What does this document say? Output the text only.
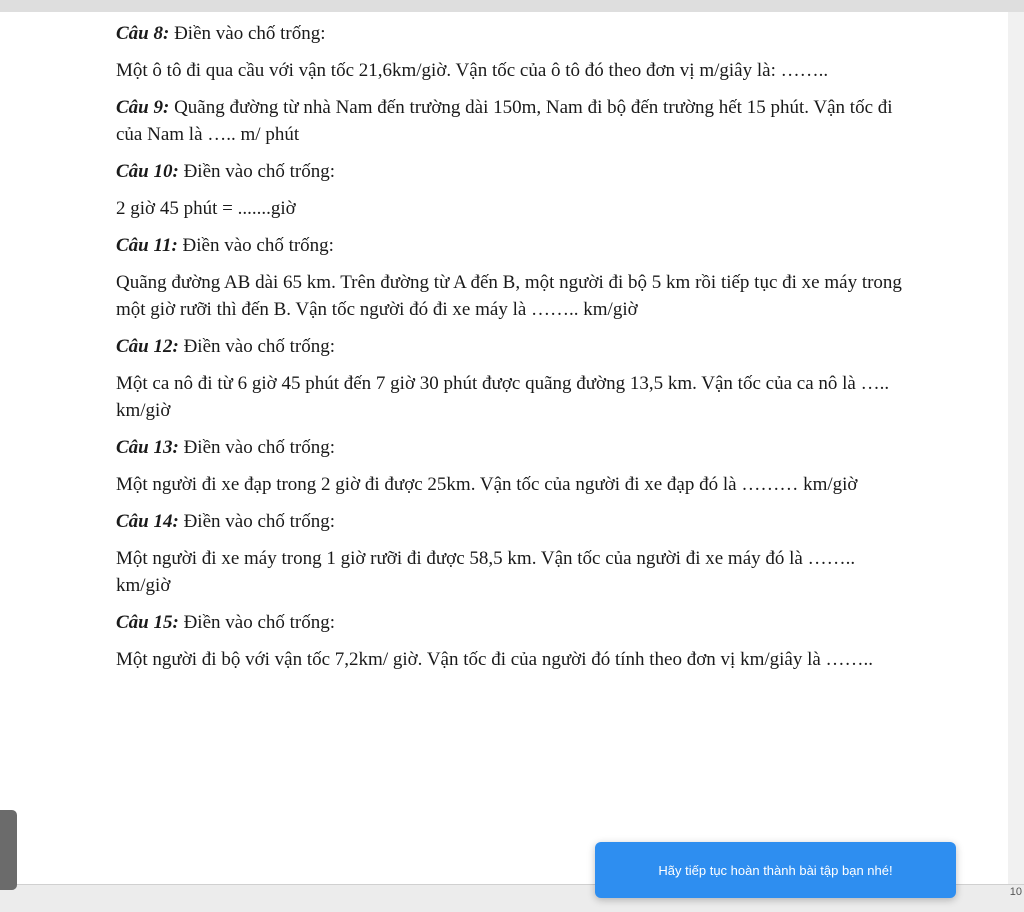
Câu 8: Điền vào chố trống:

Một ô tô đi qua cầu với vận tốc 21,6km/giờ. Vận tốc của ô tô đó theo đơn vị m/giây là: ……..

Câu 9: Quãng đường từ nhà Nam đến trường dài 150m, Nam đi bộ đến trường hết 15 phút. Vận tốc đi của Nam là ….. m/ phút

Câu 10: Điền vào chố trống:

2 giờ 45 phút = .......giờ

Câu 11: Điền vào chố trống:

Quãng đường AB dài 65 km. Trên đường từ A đến B, một người đi bộ 5 km rồi tiếp tục đi xe máy trong một giờ rưỡi thì đến B. Vận tốc người đó đi xe máy là …….. km/giờ

Câu 12: Điền vào chố trống:

Một ca nô đi từ 6 giờ 45 phút đến 7 giờ 30 phút được quãng đường 13,5 km. Vận tốc của ca nô là ….. km/giờ

Câu 13: Điền vào chố trống:

Một người đi xe đạp trong 2 giờ đi được 25km. Vận tốc của người đi xe đạp đó là ……… km/giờ

Câu 14: Điền vào chố trống:

Một người đi xe máy trong 1 giờ rưỡi đi được 58,5 km. Vận tốc của người đi xe máy đó là …….. km/giờ

Câu 15: Điền vào chố trống:

Một người đi bộ với vận tốc 7,2km/ giờ. Vận tốc đi của người đó tính theo đơn vị km/giây là ……..

10
Hãy tiếp tục hoàn thành bài tập bạn nhé!
